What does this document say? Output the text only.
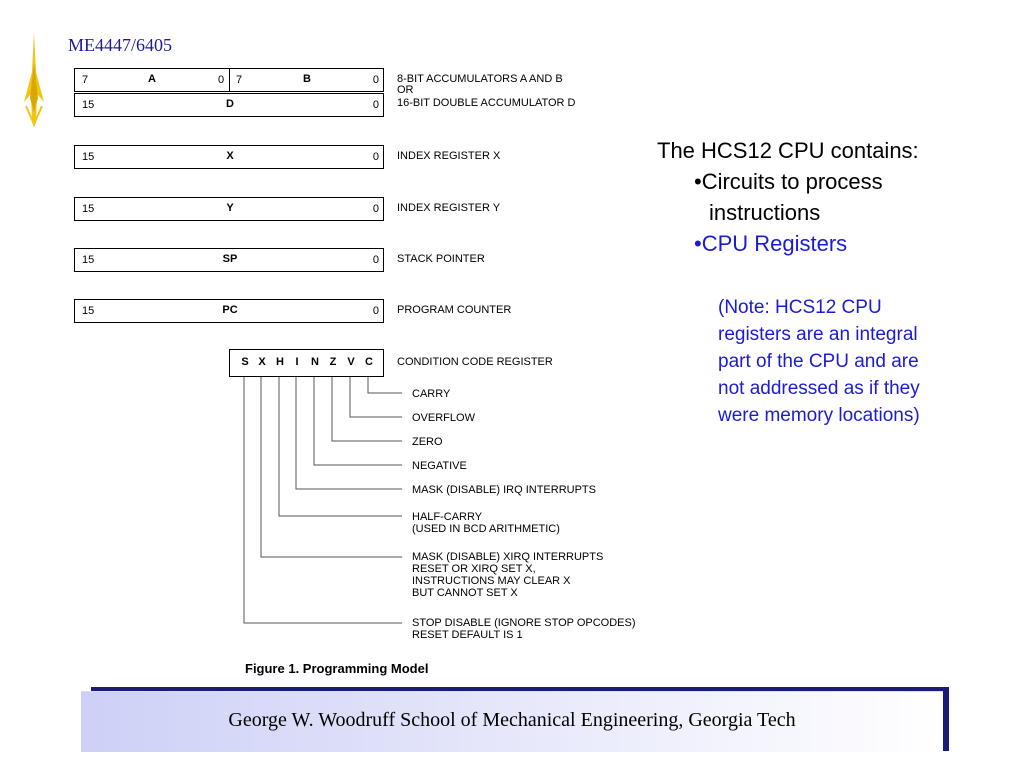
ME4447/6405
7	A	0 7	B	0 8-BIT ACCUMULATORS A AND B
OR
15	D	0 16-BIT DOUBLE ACCUMULATOR D
15	X	0 INDEX REGISTER X
15	Y	0 INDEX REGISTER Y
15	SP	0 STACK POINTER
15	PC	0 PROGRAM COUNTER
S X H I N Z V C CONDITION CODE REGISTER
CARRY
OVERFLOW
ZERO
NEGATIVE
MASK (DISABLE) IRQ INTERRUPTS
HALF-CARRY
(USED IN BCD ARITHMETIC)
MASK (DISABLE) XIRQ INTERRUPTS
RESET OR XIRQ SET X,
INSTRUCTIONS MAY CLEAR X
BUT CANNOT SET X
STOP DISABLE (IGNORE STOP OPCODES)
RESET DEFAULT IS 1
Figure 1. Programming Model
The HCS12 CPU contains:
•Circuits to process
instructions
•CPU Registers
(Note: HCS12 CPU
registers are an integral
part of the CPU and are
not addressed as if they
were memory locations)
George W. Woodruff School of Mechanical Engineering, Georgia Tech
